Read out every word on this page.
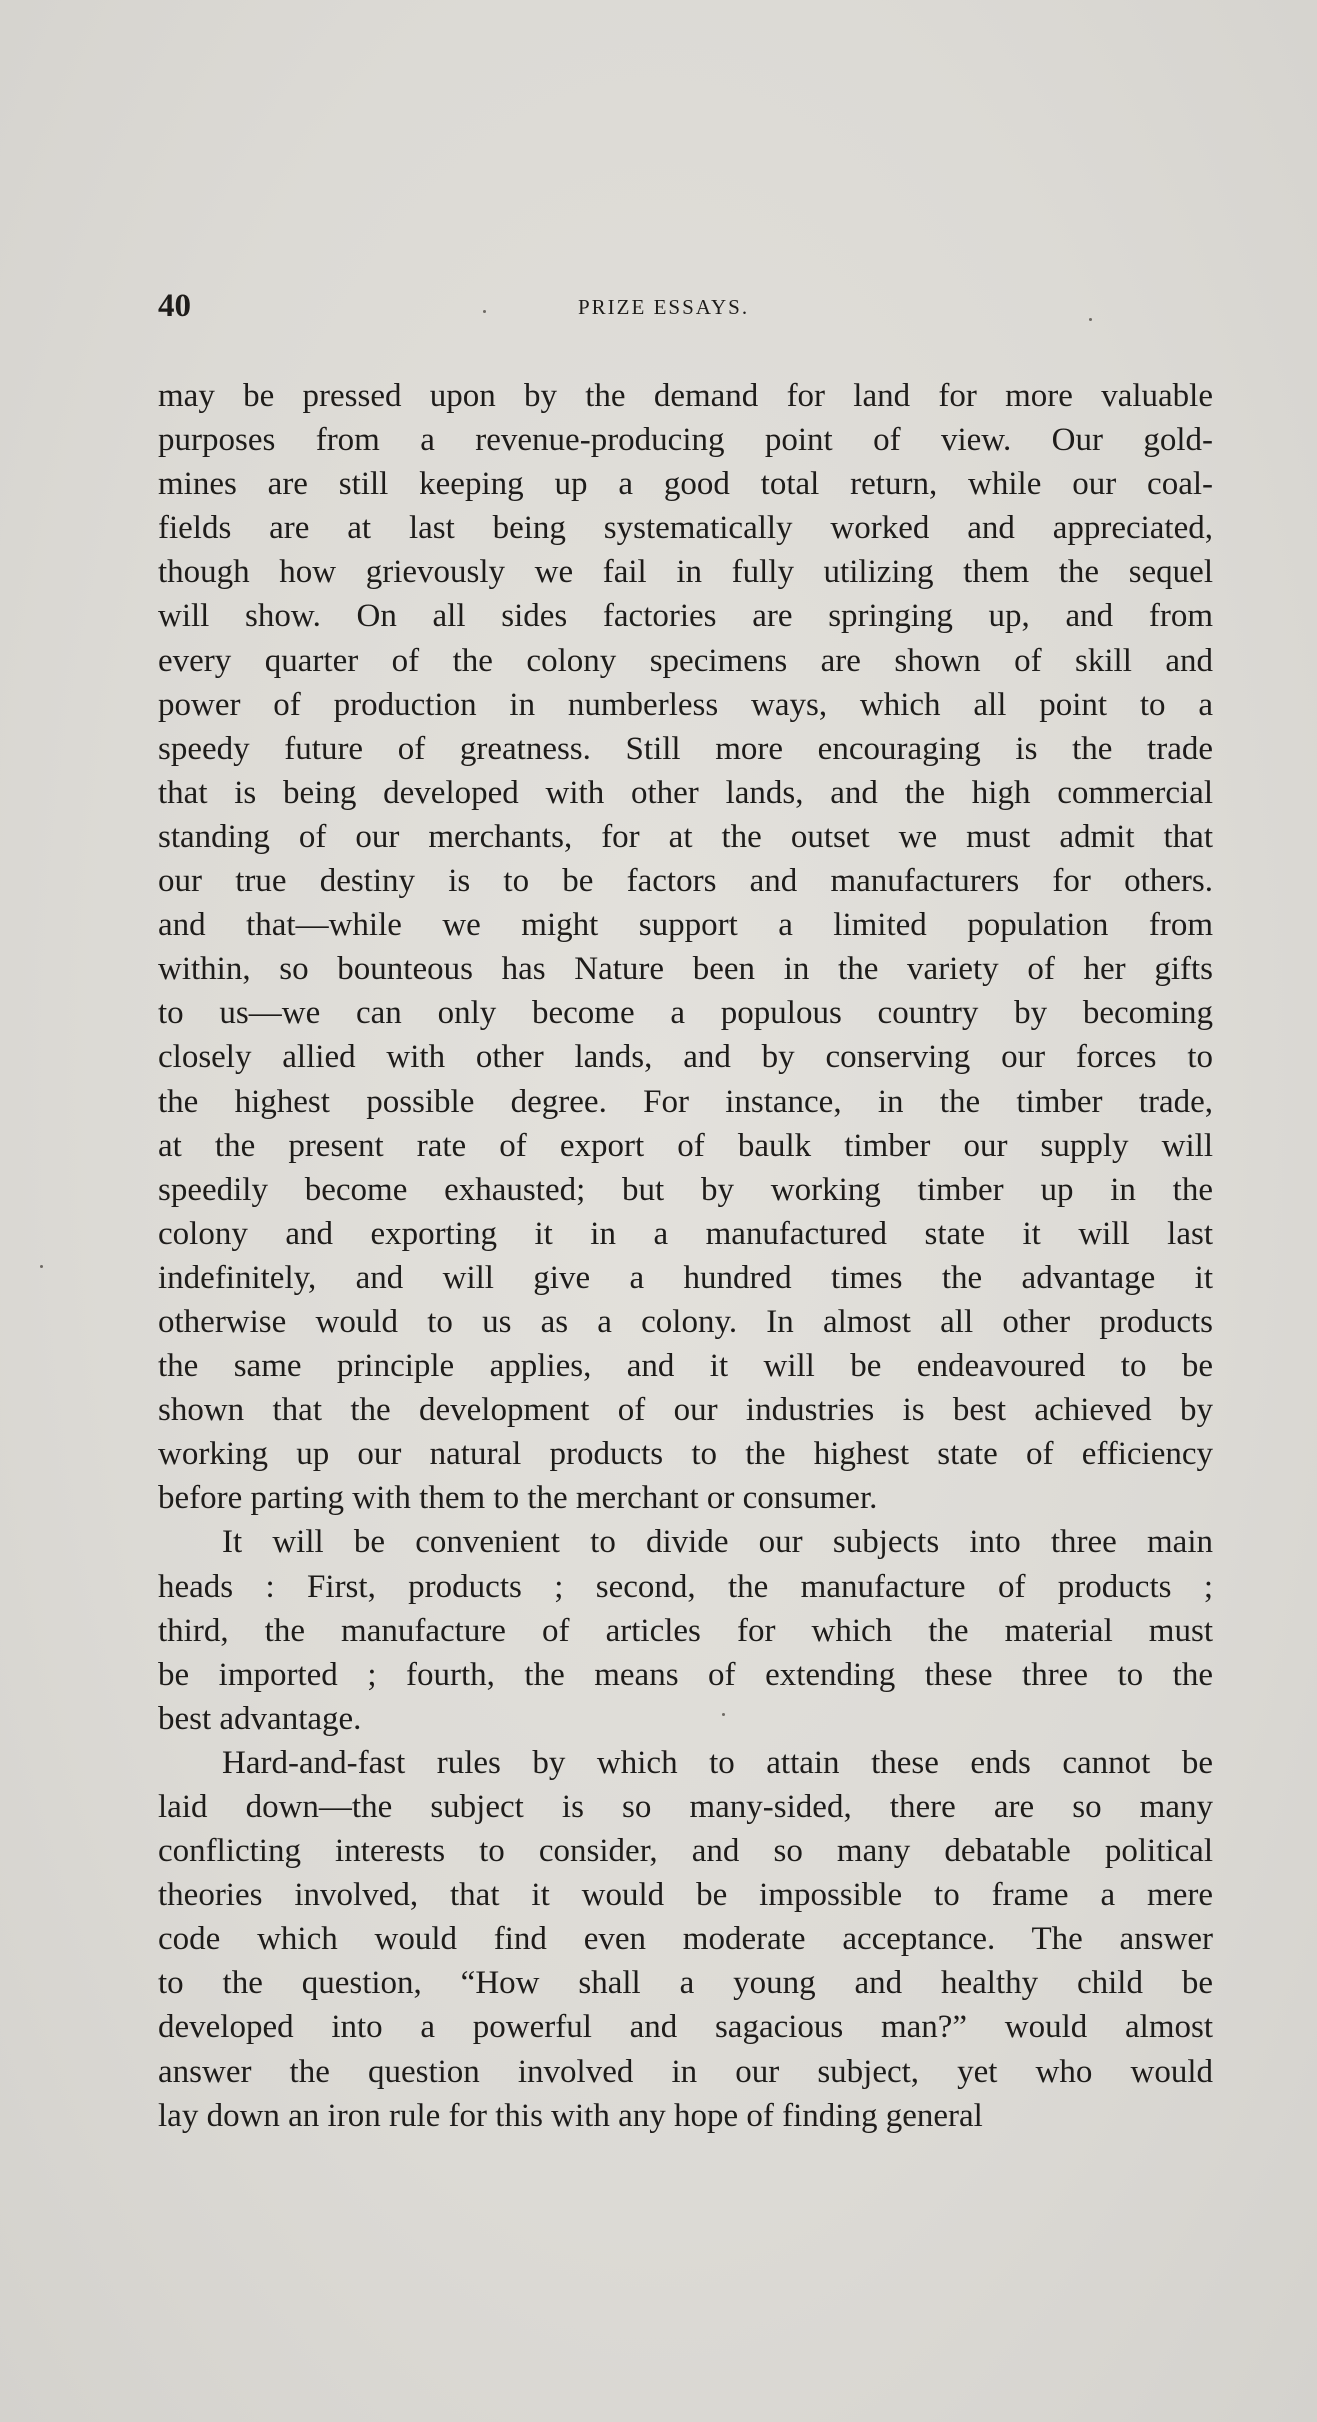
40	PRIZE ESSAYS.
may be pressed upon by the demand for land for more valuable
purposes from a revenue-producing point of view. Our gold-
mines are still keeping up a good total return, while our coal-
fields are at last being systematically worked and appreciated,
though how grievously we fail in fully utilizing them the sequel
will show. On all sides factories are springing up, and from
every quarter of the colony specimens are shown of skill and
power of production in numberless ways, which all point to a
speedy future of greatness. Still more encouraging is the trade
that is being developed with other lands, and the high commercial
standing of our merchants, for at the outset we must admit that
our true destiny is to be factors and manufacturers for others.
and that—while we might support a limited population from
within, so bounteous has Nature been in the variety of her gifts
to us—we can only become a populous country by becoming
closely allied with other lands, and by conserving our forces to
the highest possible degree. For instance, in the timber trade,
at the present rate of export of baulk timber our supply will
speedily become exhausted; but by working timber up in the
colony and exporting it in a manufactured state it will last
indefinitely, and will give a hundred times the advantage it
otherwise would to us as a colony. In almost all other products
the same principle applies, and it will be endeavoured to be
shown that the development of our industries is best achieved by
working up our natural products to the highest state of efficiency
before parting with them to the merchant or consumer.
It will be convenient to divide our subjects into three main
heads : First, products ; second, the manufacture of products ;
third, the manufacture of articles for which the material must
be imported ; fourth, the means of extending these three to the
best advantage.
Hard-and-fast rules by which to attain these ends cannot be
laid down—the subject is so many-sided, there are so many
conflicting interests to consider, and so many debatable political
theories involved, that it would be impossible to frame a mere
code which would find even moderate acceptance. The answer
to the question, “How shall a young and healthy child be
developed into a powerful and sagacious man?” would almost
answer the question involved in our subject, yet who would
lay down an iron rule for this with any hope of finding general
